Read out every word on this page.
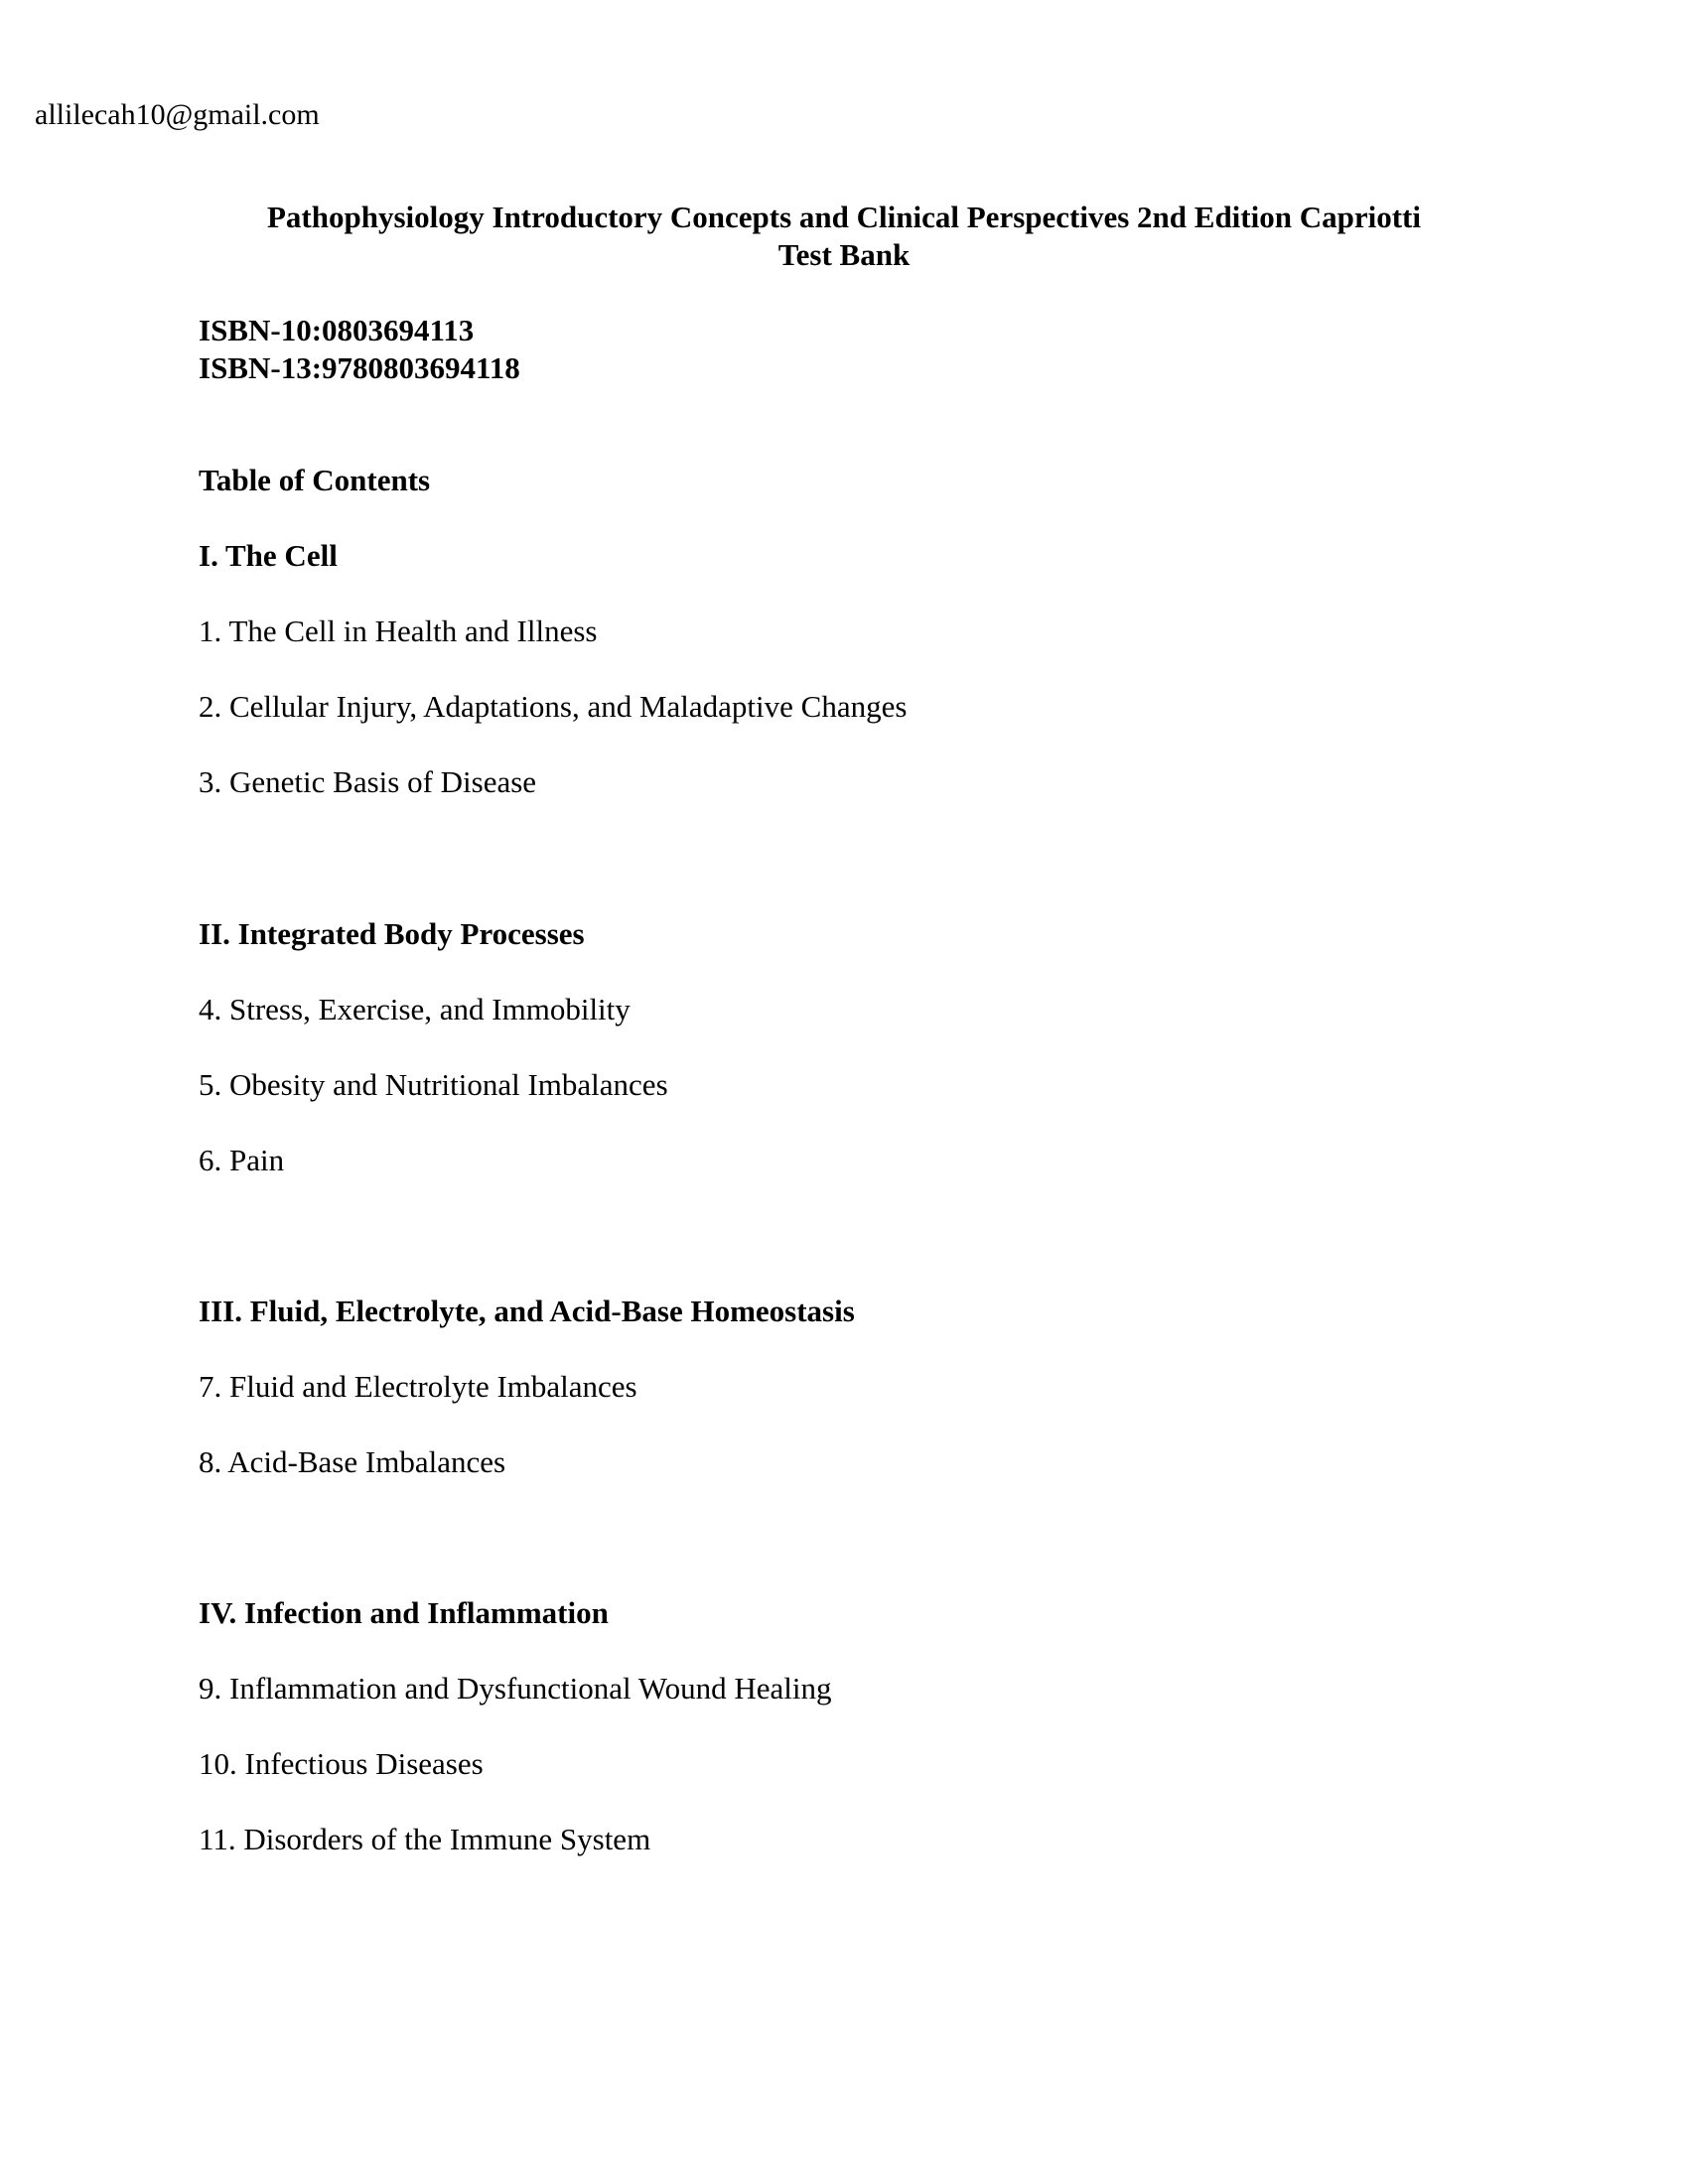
allilecah10@gmail.com
Pathophysiology Introductory Concepts and Clinical Perspectives 2nd Edition Capriotti
Test Bank
ISBN-10:0803694113
ISBN-13:9780803694118
Table of Contents
I. The Cell
1. The Cell in Health and Illness
2. Cellular Injury, Adaptations, and Maladaptive Changes
3. Genetic Basis of Disease
II. Integrated Body Processes
4. Stress, Exercise, and Immobility
5. Obesity and Nutritional Imbalances
6. Pain
III. Fluid, Electrolyte, and Acid-Base Homeostasis
7. Fluid and Electrolyte Imbalances
8. Acid-Base Imbalances
IV. Infection and Inflammation
9. Inflammation and Dysfunctional Wound Healing
10. Infectious Diseases
11. Disorders of the Immune System
